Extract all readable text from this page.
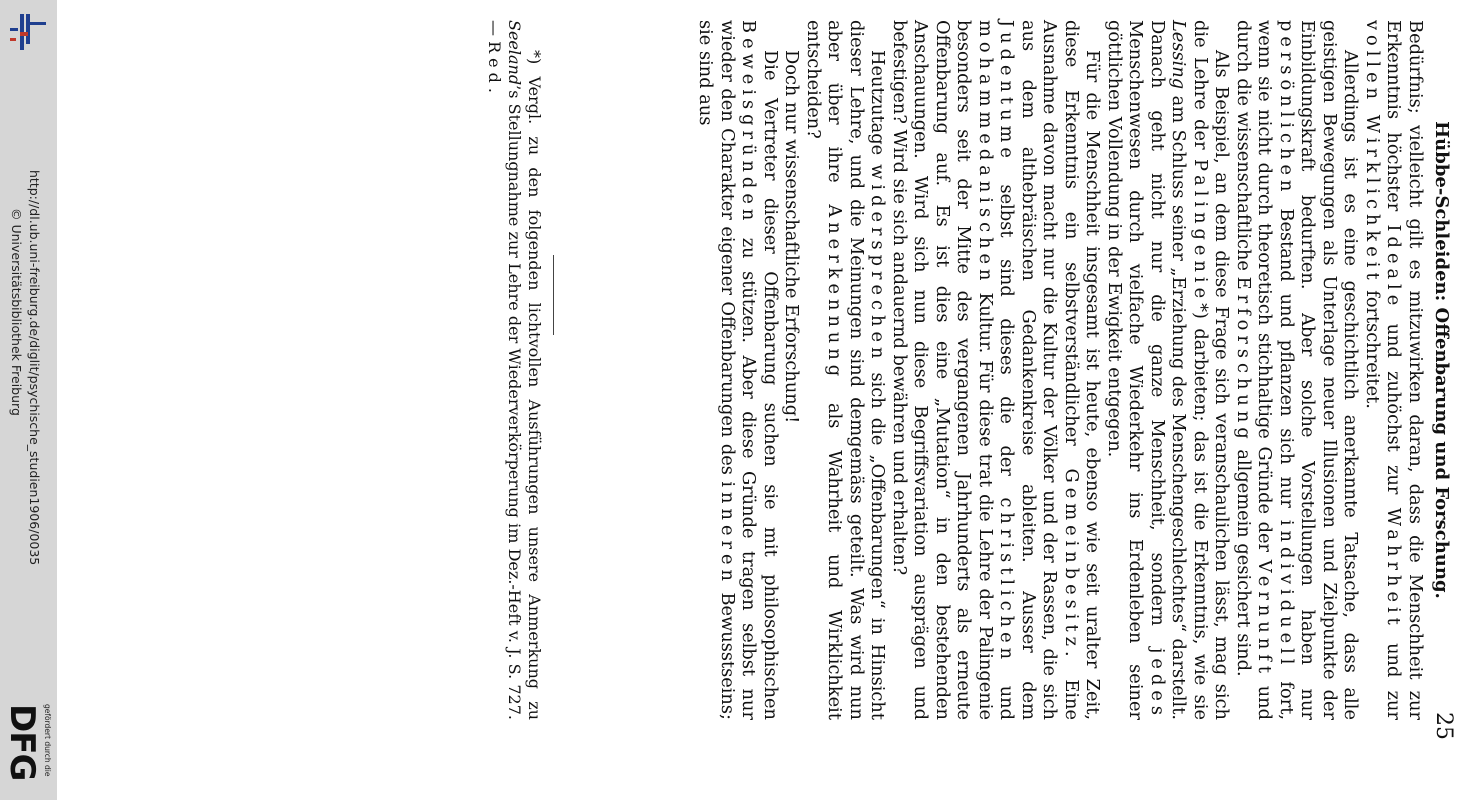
http://dl.ub.uni-freiburg.de/diglit/psychische_studien1906/0035
© Universitätsbibliothek Freiburg
gefördert durch die
DFG
Hübbe-Schleiden: Offenbarung und Forschung.
25

Bedürfnis; vielleicht gilt es mitzuwirken daran, dass die Menschheit zur Erkenntnis höchster Ideale und zuhöchst zur Wahrheit und zur vollen Wirklichkeit fortschreitet.

Allerdings ist es eine geschichtlich anerkannte Tatsache, dass alle geistigen Bewegungen als Unterlage neuer Illusionen und Zielpunkte der Einbildungskraft bedurften. Aber solche Vorstellungen haben nur persönlichen Bestand und pflanzen sich nur individuell fort, wenn sie nicht durch theoretisch stichhaltige Gründe der Vernunft und durch die wissenschaftliche Erforschung allgemein gesichert sind.

Als Beispiel, an dem diese Frage sich veranschaulichen lässt, mag sich die Lehre der Palingenie*) darbieten; das ist die Erkenntnis, wie sie Lessing am Schluss seiner „Erziehung des Menschengeschlechtes“ darstellt. Danach geht nicht nur die ganze Menschheit, sondern jedes Menschenwesen durch vielfache Wiederkehr ins Erdenleben seiner göttlichen Vollendung in der Ewigkeit entgegen.

Für die Menschheit insgesamt ist heute, ebenso wie seit uralter Zeit, diese Erkenntnis ein selbstverständlicher Gemeinbesitz. Eine Ausnahme davon macht nur die Kultur der Völker und der Rassen, die sich aus dem althebräischen Gedankenkreise ableiten. Ausser dem Judentume selbst sind dieses die der christlichen und mohammedanischen Kultur. Für diese trat die Lehre der Palingenie besonders seit der Mitte des vergangenen Jahrhunderts als erneute Offenbarung auf. Es ist dies eine „Mutation“ in den bestehenden Anschauungen. Wird sich nun diese Begriffsvariation ausprägen und befestigen? Wird sie sich andauernd bewähren und erhalten?

Heutzutage widersprechen sich die „Offenbarungen“ in Hinsicht dieser Lehre, und die Meinungen sind demgemäss geteilt. Was wird nun aber über ihre Anerkennung als Wahrheit und Wirklichkeit entscheiden?

Doch nur wissenschaftliche Erforschung!

Die Vertreter dieser Offenbarung suchen sie mit philosophischen Beweisgründen zu stützen. Aber diese Gründe tragen selbst nur wieder den Charakter eigener Offenbarungen des inneren Bewusstseins; sie sind aus

*) Vergl. zu den folgenden lichtvollen Ausführungen unsere Anmerkung zu Seeland’s Stellungnahme zur Lehre der Wiederverkörperung im Dez.-Heft v. J. S. 727. — Red.
